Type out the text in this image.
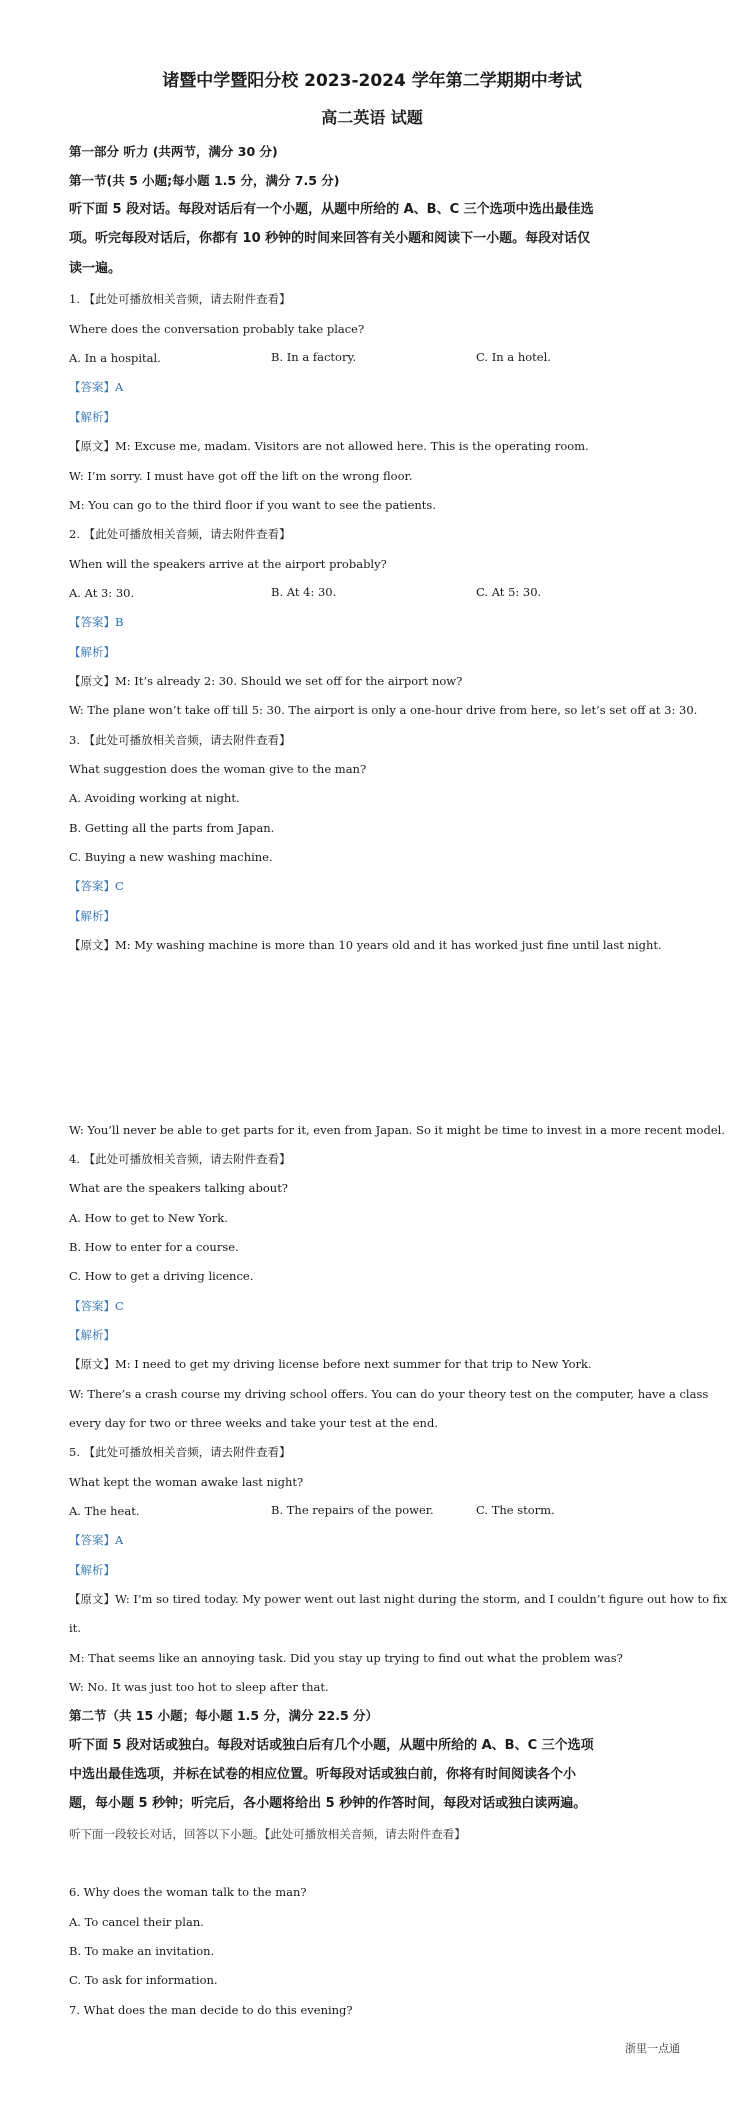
诸暨中学暨阳分校 2023-2024 学年第二学期期中考试
高二英语 试题
第一部分 听力 (共两节，满分 30 分)
第一节(共 5 小题;每小题 1.5 分，满分 7.5 分)
听下面 5 段对话。每段对话后有一个小题，从题中所给的 A、B、C 三个选项中选出最佳选
项。听完每段对话后，你都有 10 秒钟的时间来回答有关小题和阅读下一小题。每段对话仅
读一遍。
1. 【此处可播放相关音频，请去附件查看】
Where does the conversation probably take place?
A. In a hospital.	B. In a factory.	C. In a hotel.
【答案】A
【解析】
【原文】M: Excuse me, madam. Visitors are not allowed here. This is the operating room.
W: I’m sorry. I must have got off the lift on the wrong floor.
M: You can go to the third floor if you want to see the patients.
2. 【此处可播放相关音频，请去附件查看】
When will the speakers arrive at the airport probably?
A. At 3: 30.	B. At 4: 30.	C. At 5: 30.
【答案】B
【解析】
【原文】M: It’s already 2: 30. Should we set off for the airport now?
W: The plane won’t take off till 5: 30. The airport is only a one-hour drive from here, so let’s set off at 3: 30.
3. 【此处可播放相关音频，请去附件查看】
What suggestion does the woman give to the man?
A. Avoiding working at night.
B. Getting all the parts from Japan.
C. Buying a new washing machine.
【答案】C
【解析】
【原文】M: My washing machine is more than 10 years old and it has worked just fine until last night.
W: You’ll never be able to get parts for it, even from Japan. So it might be time to invest in a more recent model.
4. 【此处可播放相关音频，请去附件查看】
What are the speakers talking about?
A. How to get to New York.
B. How to enter for a course.
C. How to get a driving licence.
【答案】C
【解析】
【原文】M: I need to get my driving license before next summer for that trip to New York.
W: There’s a crash course my driving school offers. You can do your theory test on the computer, have a class
every day for two or three weeks and take your test at the end.
5. 【此处可播放相关音频，请去附件查看】
What kept the woman awake last night?
A. The heat.	B. The repairs of the power.	C. The storm.
【答案】A
【解析】
【原文】W: I’m so tired today. My power went out last night during the storm, and I couldn’t figure out how to fix
it.
M: That seems like an annoying task. Did you stay up trying to find out what the problem was?
W: No. It was just too hot to sleep after that.
第二节（共 15 小题；每小题 1.5 分，满分 22.5 分）
听下面 5 段对话或独白。每段对话或独白后有几个小题，从题中所给的 A、B、C 三个选项
中选出最佳选项，并标在试卷的相应位置。听每段对话或独白前，你将有时间阅读各个小
题，每小题 5 秒钟；听完后，各小题将给出 5 秒钟的作答时间，每段对话或独白读两遍。
听下面一段较长对话，回答以下小题。【此处可播放相关音频，请去附件查看】
6. Why does the woman talk to the man?
A. To cancel their plan.
B. To make an invitation.
C. To ask for information.
7. What does the man decide to do this evening?
浙里一点通
